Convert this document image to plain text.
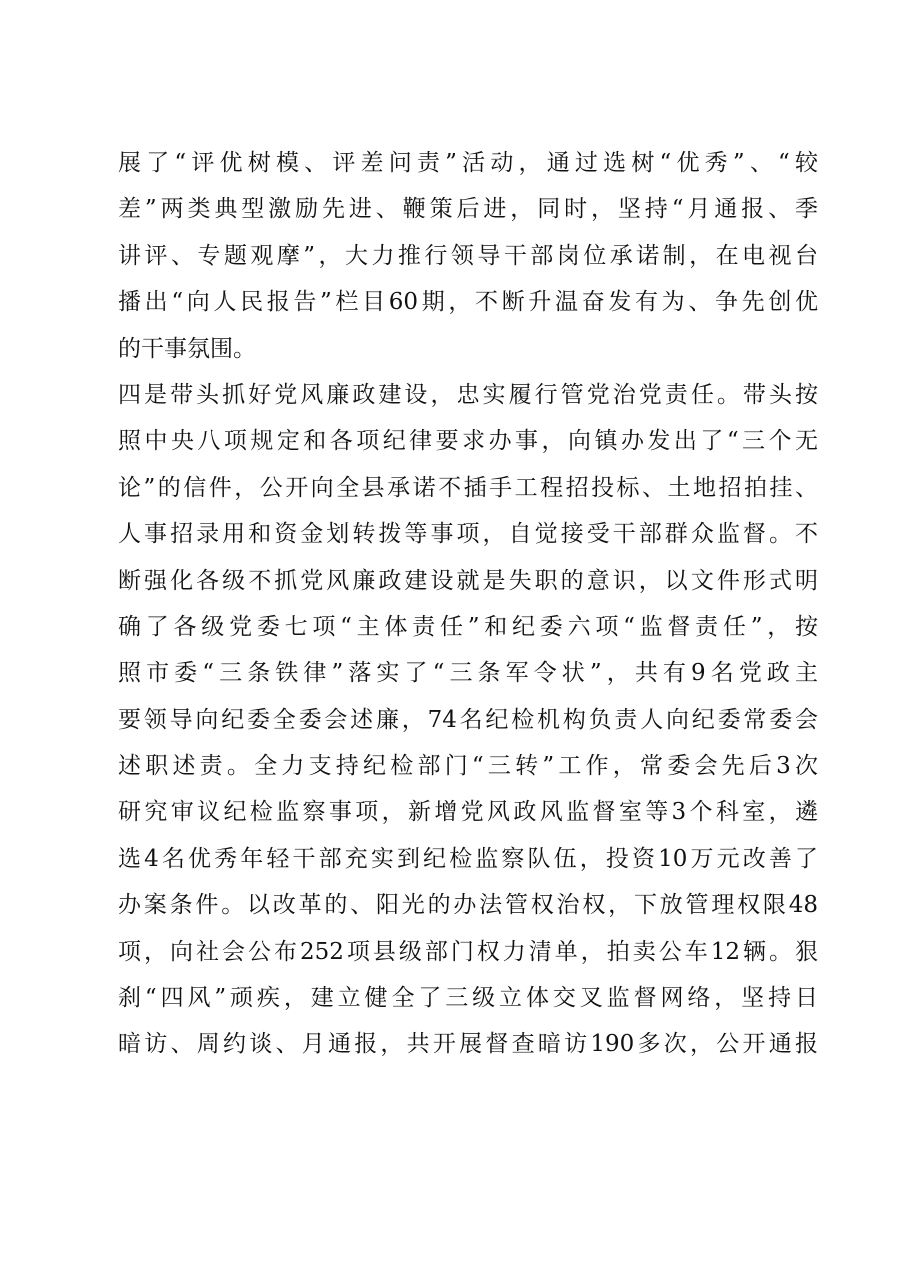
展了“评优树模、评差问责”活动，通过选树“优秀”、“较
差”两类典型激励先进、鞭策后进，同时，坚持“月通报、季
讲评、专题观摩”，大力推行领导干部岗位承诺制，在电视台
播出“向人民报告”栏目60期，不断升温奋发有为、争先创优
的干事氛围。
四是带头抓好党风廉政建设，忠实履行管党治党责任。带头按
照中央八项规定和各项纪律要求办事，向镇办发出了“三个无
论”的信件，公开向全县承诺不插手工程招投标、土地招拍挂、
人事招录用和资金划转拨等事项，自觉接受干部群众监督。不
断强化各级不抓党风廉政建设就是失职的意识，以文件形式明
确了各级党委七项“主体责任”和纪委六项“监督责任”，按
照市委“三条铁律”落实了“三条军令状”，共有9名党政主
要领导向纪委全委会述廉，74名纪检机构负责人向纪委常委会
述职述责。全力支持纪检部门“三转”工作，常委会先后3次
研究审议纪检监察事项，新增党风政风监督室等3个科室，遴
选4名优秀年轻干部充实到纪检监察队伍，投资10万元改善了
办案条件。以改革的、阳光的办法管权治权，下放管理权限48
项，向社会公布252项县级部门权力清单，拍卖公车12辆。狠
刹“四风”顽疾，建立健全了三级立体交叉监督网络，坚持日
暗访、周约谈、月通报，共开展督查暗访190多次，公开通报
